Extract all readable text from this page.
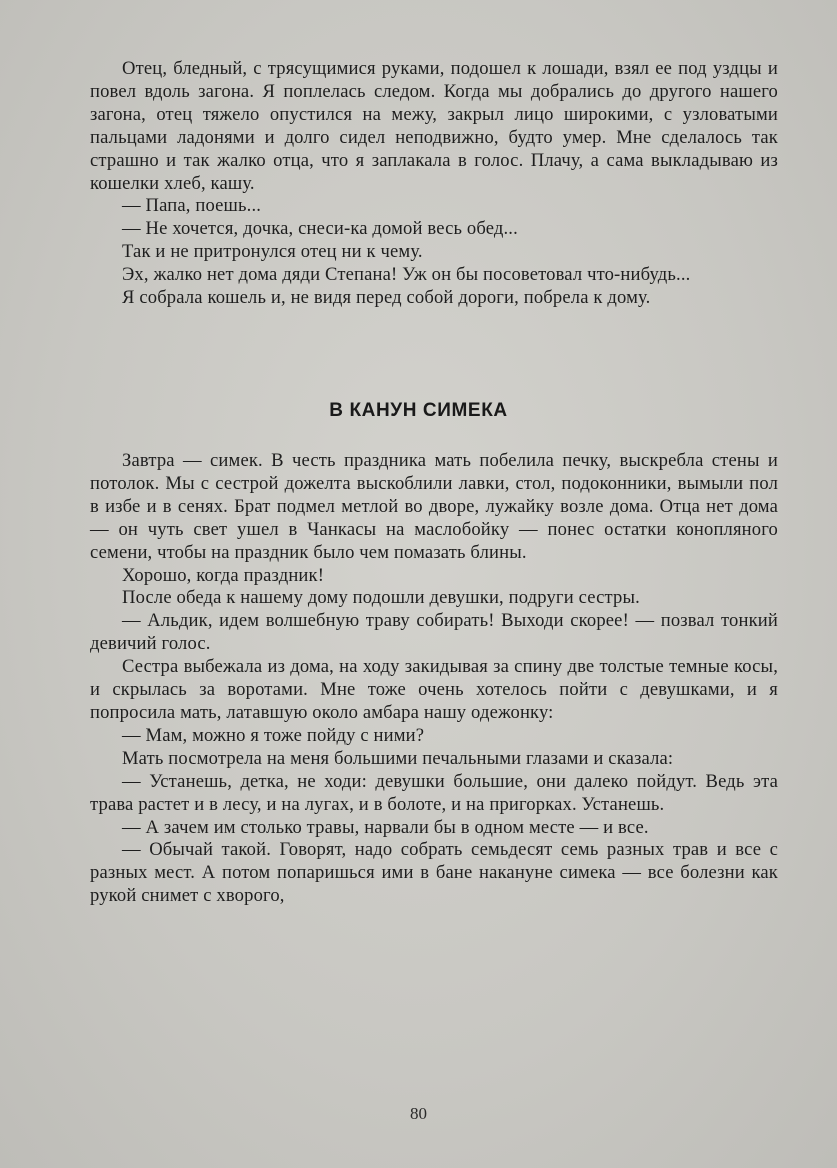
Отец, бледный, с трясущимися руками, подошел к лошади, взял ее под уздцы и повел вдоль загона. Я поплелась следом. Когда мы добрались до другого нашего загона, отец тяжело опустился на межу, закрыл лицо широкими, с узловатыми пальцами ладонями и долго сидел неподвижно, будто умер. Мне сделалось так страшно и так жалко отца, что я заплакала в голос. Плачу, а сама выкладываю из кошелки хлеб, кашу.

— Папа, поешь...

— Не хочется, дочка, снеси-ка домой весь обед...

Так и не притронулся отец ни к чему.

Эх, жалко нет дома дяди Степана! Уж он бы посоветовал что-нибудь...

Я собрала кошель и, не видя перед собой дороги, побрела к дому.

В КАНУН СИМЕКА

Завтра — симек. В честь праздника мать побелила печку, выскребла стены и потолок. Мы с сестрой дожелта выскоблили лавки, стол, подоконники, вымыли пол в избе и в сенях. Брат подмел метлой во дворе, лужайку возле дома. Отца нет дома — он чуть свет ушел в Чанкасы на маслобойку — понес остатки конопляного семени, чтобы на праздник было чем помазать блины.

Хорошо, когда праздник!

После обеда к нашему дому подошли девушки, подруги сестры.

— Альдик, идем волшебную траву собирать! Выходи скорее! — позвал тонкий девичий голос.

Сестра выбежала из дома, на ходу закидывая за спину две толстые темные косы, и скрылась за воротами. Мне тоже очень хотелось пойти с девушками, и я попросила мать, латавшую около амбара нашу одежонку:

— Мам, можно я тоже пойду с ними?

Мать посмотрела на меня большими печальными глазами и сказала:

— Устанешь, детка, не ходи: девушки большие, они далеко пойдут. Ведь эта трава растет и в лесу, и на лугах, и в болоте, и на пригорках. Устанешь.

— А зачем им столько травы, нарвали бы в одном месте — и все.

— Обычай такой. Говорят, надо собрать семьдесят семь разных трав и все с разных мест. А потом попаришься ими в бане накануне симека — все болезни как рукой снимет с хворого,

80
